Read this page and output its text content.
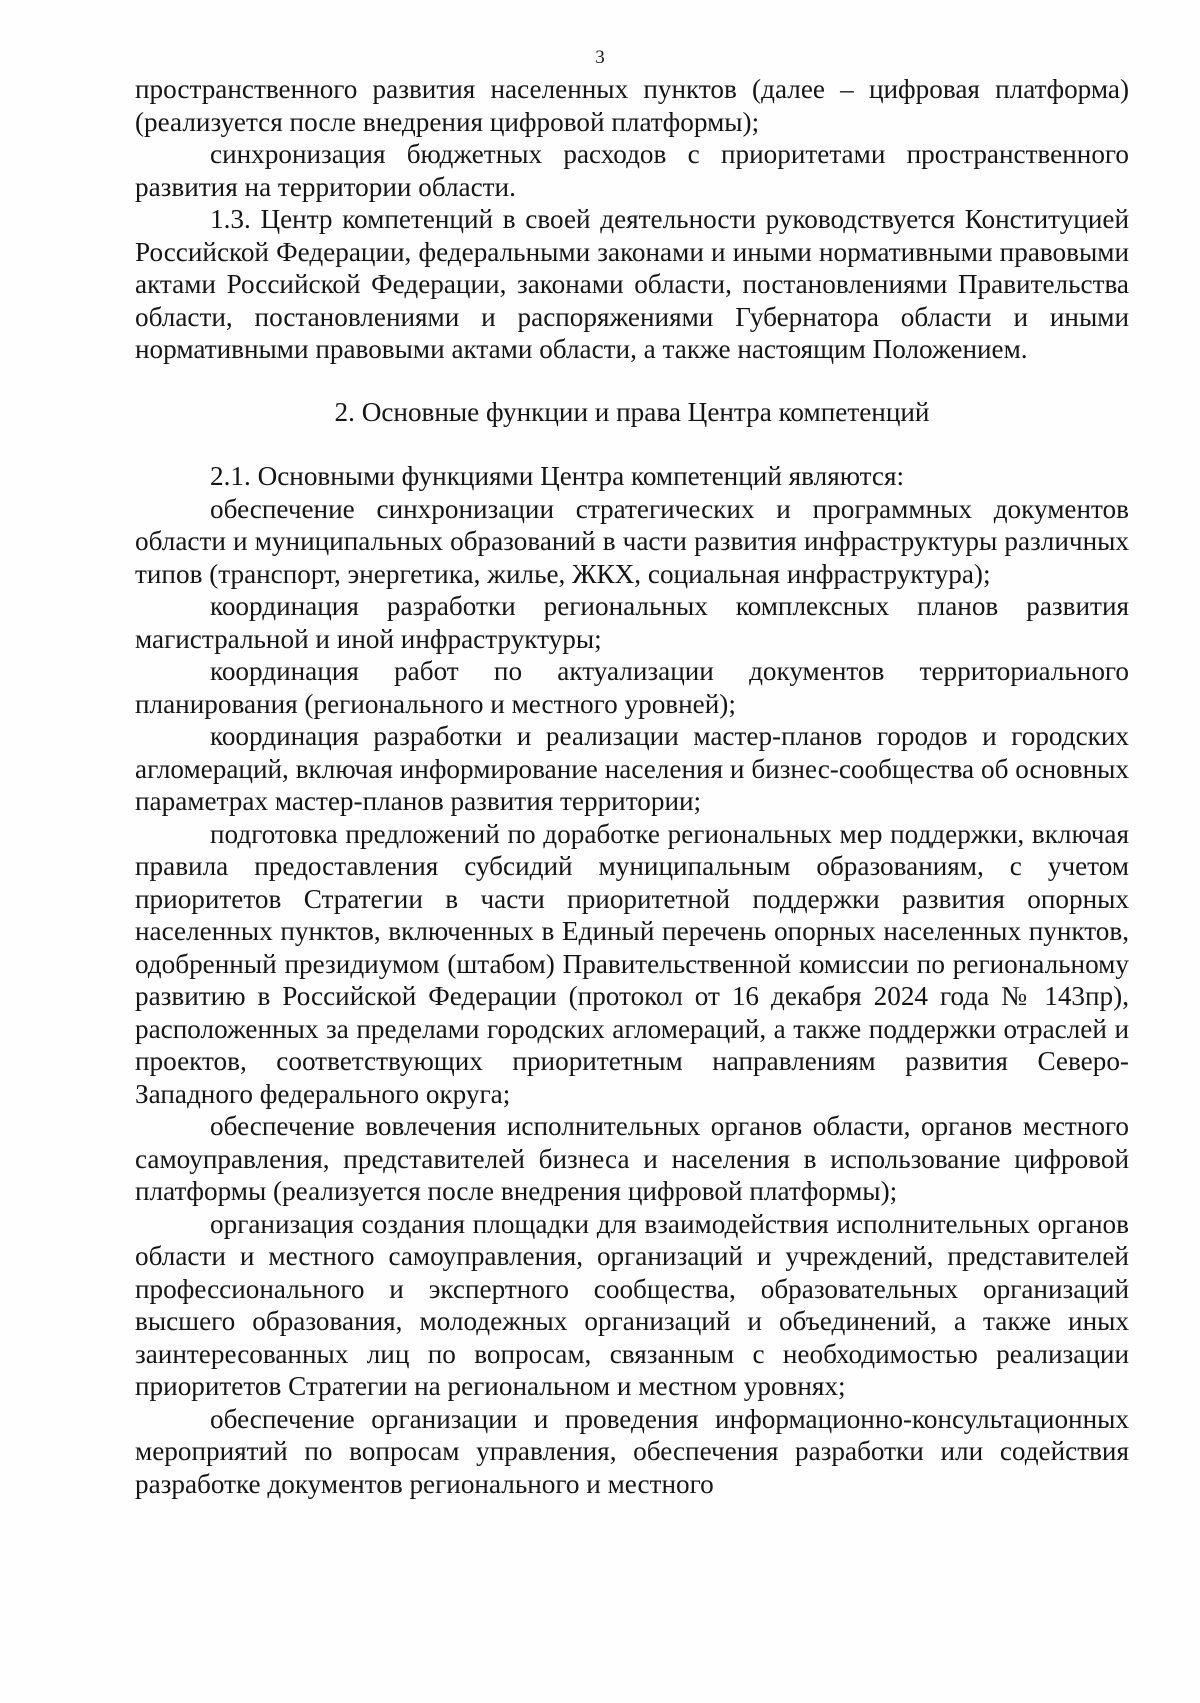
3

пространственного развития населенных пунктов (далее – цифровая платформа) (реализуется после внедрения цифровой платформы);

синхронизация бюджетных расходов с приоритетами пространственного развития на территории области.

1.3. Центр компетенций в своей деятельности руководствуется Конституцией Российской Федерации, федеральными законами и иными нормативными правовыми актами Российской Федерации, законами области, постановлениями Правительства области, постановлениями и распоряжениями Губернатора области и иными нормативными правовыми актами области, а также настоящим Положением.

2. Основные функции и права Центра компетенций

2.1. Основными функциями Центра компетенций являются:

обеспечение синхронизации стратегических и программных документов области и муниципальных образований в части развития инфраструктуры различных типов (транспорт, энергетика, жилье, ЖКХ, социальная инфраструктура);

координация разработки региональных комплексных планов развития магистральной и иной инфраструктуры;

координация работ по актуализации документов территориального планирования (регионального и местного уровней);

координация разработки и реализации мастер-планов городов и городских агломераций, включая информирование населения и бизнес-сообщества об основных параметрах мастер-планов развития территории;

подготовка предложений по доработке региональных мер поддержки, включая правила предоставления субсидий муниципальным образованиям, с учетом приоритетов Стратегии в части приоритетной поддержки развития опорных населенных пунктов, включенных в Единый перечень опорных населенных пунктов, одобренный президиумом (штабом) Правительственной комиссии по региональному развитию в Российской Федерации (протокол от 16 декабря 2024 года № 143пр), расположенных за пределами городских агломераций, а также поддержки отраслей и проектов, соответствующих приоритетным направлениям развития Северо-Западного федерального округа;

обеспечение вовлечения исполнительных органов области, органов местного самоуправления, представителей бизнеса и населения в использование цифровой платформы (реализуется после внедрения цифровой платформы);

организация создания площадки для взаимодействия исполнительных органов области и местного самоуправления, организаций и учреждений, представителей профессионального и экспертного сообщества, образовательных организаций высшего образования, молодежных организаций и объединений, а также иных заинтересованных лиц по вопросам, связанным с необходимостью реализации приоритетов Стратегии на региональном и местном уровнях;

обеспечение организации и проведения информационно-консультационных мероприятий по вопросам управления, обеспечения разработки или содействия разработке документов регионального и местного
